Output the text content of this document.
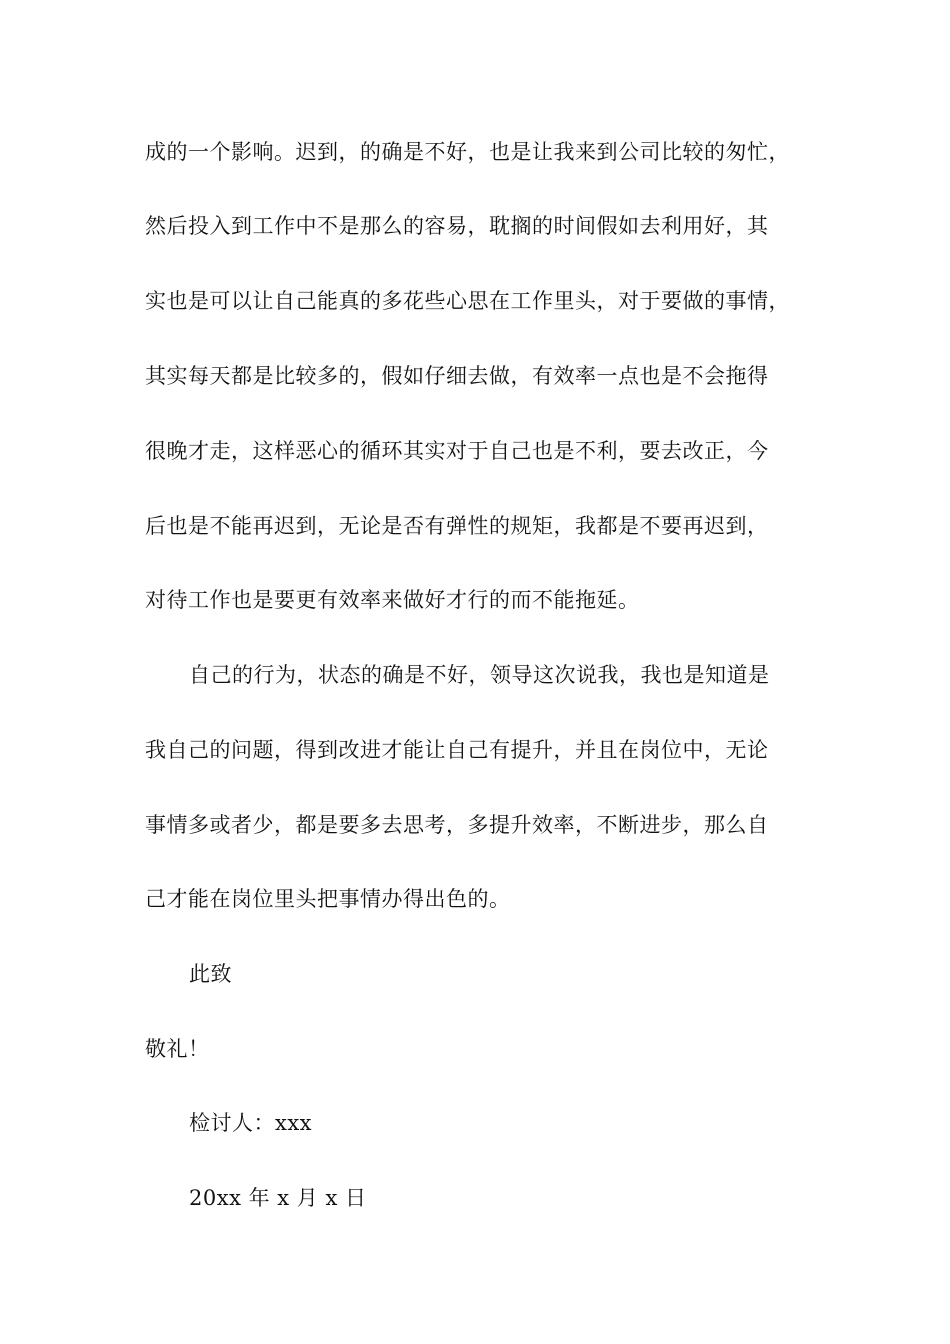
成的一个影响。迟到，的确是不好，也是让我来到公司比较的匆忙，
然后投入到工作中不是那么的容易，耽搁的时间假如去利用好，其
实也是可以让自己能真的多花些心思在工作里头，对于要做的事情，
其实每天都是比较多的，假如仔细去做，有效率一点也是不会拖得
很晚才走，这样恶心的循环其实对于自己也是不利，要去改正，今
后也是不能再迟到，无论是否有弹性的规矩，我都是不要再迟到，
对待工作也是要更有效率来做好才行的而不能拖延。
自己的行为，状态的确是不好，领导这次说我，我也是知道是
我自己的问题，得到改进才能让自己有提升，并且在岗位中，无论
事情多或者少，都是要多去思考，多提升效率，不断进步，那么自
己才能在岗位里头把事情办得出色的。
此致
敬礼！
检讨人：xxx
20xx 年 x 月 x 日
